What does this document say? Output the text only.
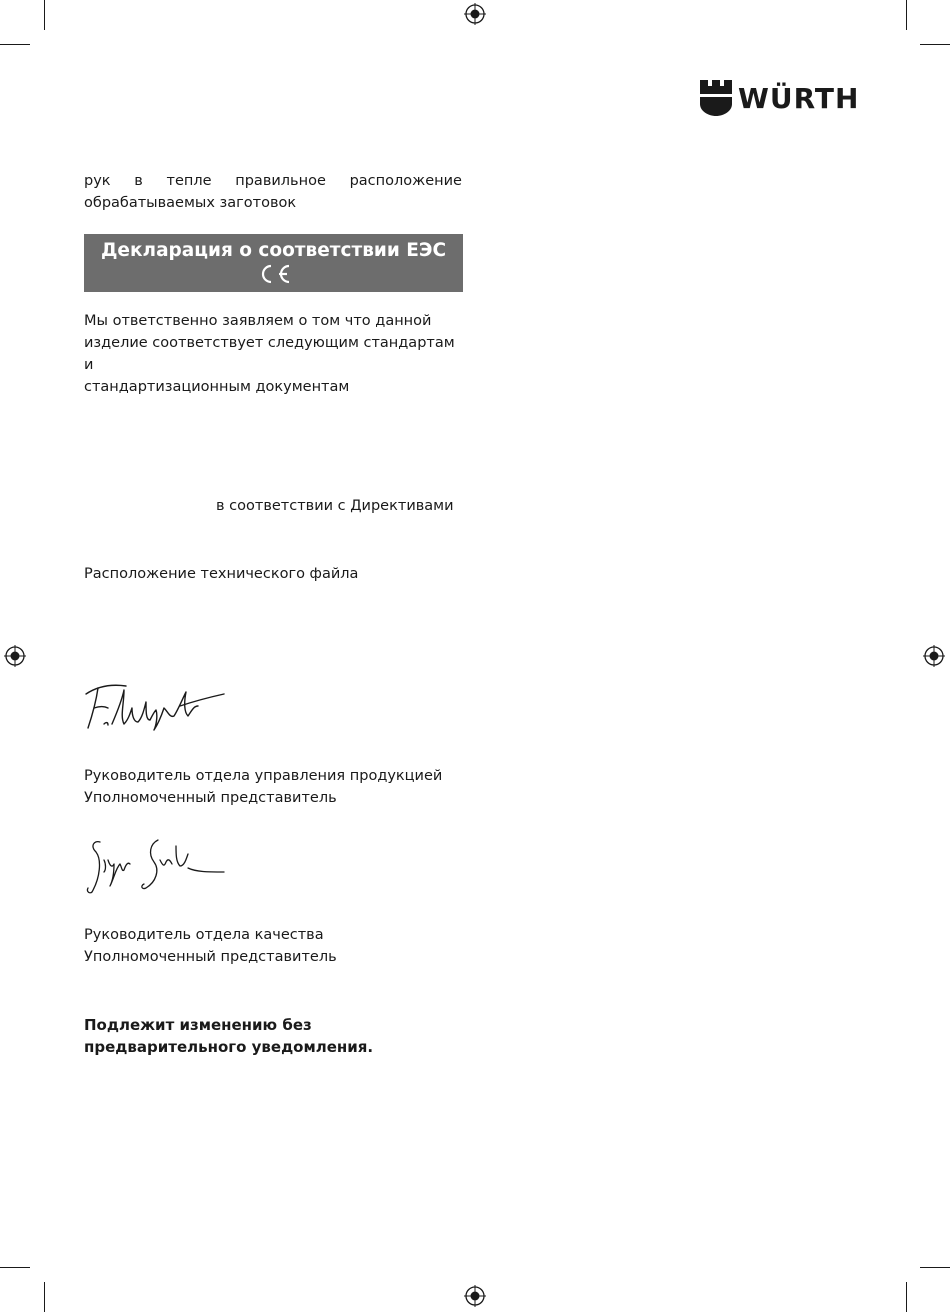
WÜRTH
рук в тепле правильное расположение
обрабатываемых заготовок
Декларация о соответствии ЕЭС
Мы ответственно заявляем о том что данной
изделие соответствует следующим стандартам и
стандартизационным документам
в соответствии с Директивами
Расположение технического файла
Руководитель отдела управления продукцией
Уполномоченный представитель
Руководитель отдела качества
Уполномоченный представитель
Подлежит изменению без
предварительного уведомления.
